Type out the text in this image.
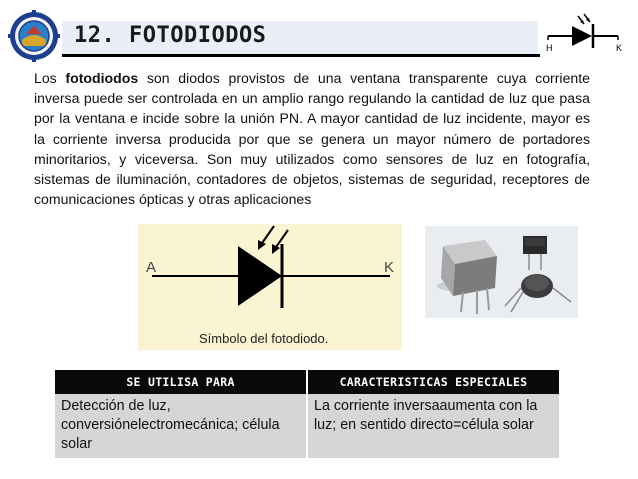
12. FOTODIODOS	H	K
Los fotodiodos son diodos provistos de una ventana transparente cuya corriente inversa puede ser controlada en un amplio rango regulando la cantidad de luz que pasa por la ventana e incide sobre la unión PN. A mayor cantidad de luz incidente, mayor es la corriente inversa producida por que se genera un mayor número de portadores minoritarios, y viceversa. Son muy utilizados como sensores de luz en fotografía, sistemas de iluminación, contadores de objetos, sistemas de seguridad, receptores de comunicaciones ópticas y otras aplicaciones
A	K
Símbolo del fotodiodo.
SE UTILISA PARA	CARACTERISTICAS ESPECIALES
Detección de luz, conversiónelectromecánica; célula solar	La corriente inversaaumenta con la luz; en sentido directo=célula solar
